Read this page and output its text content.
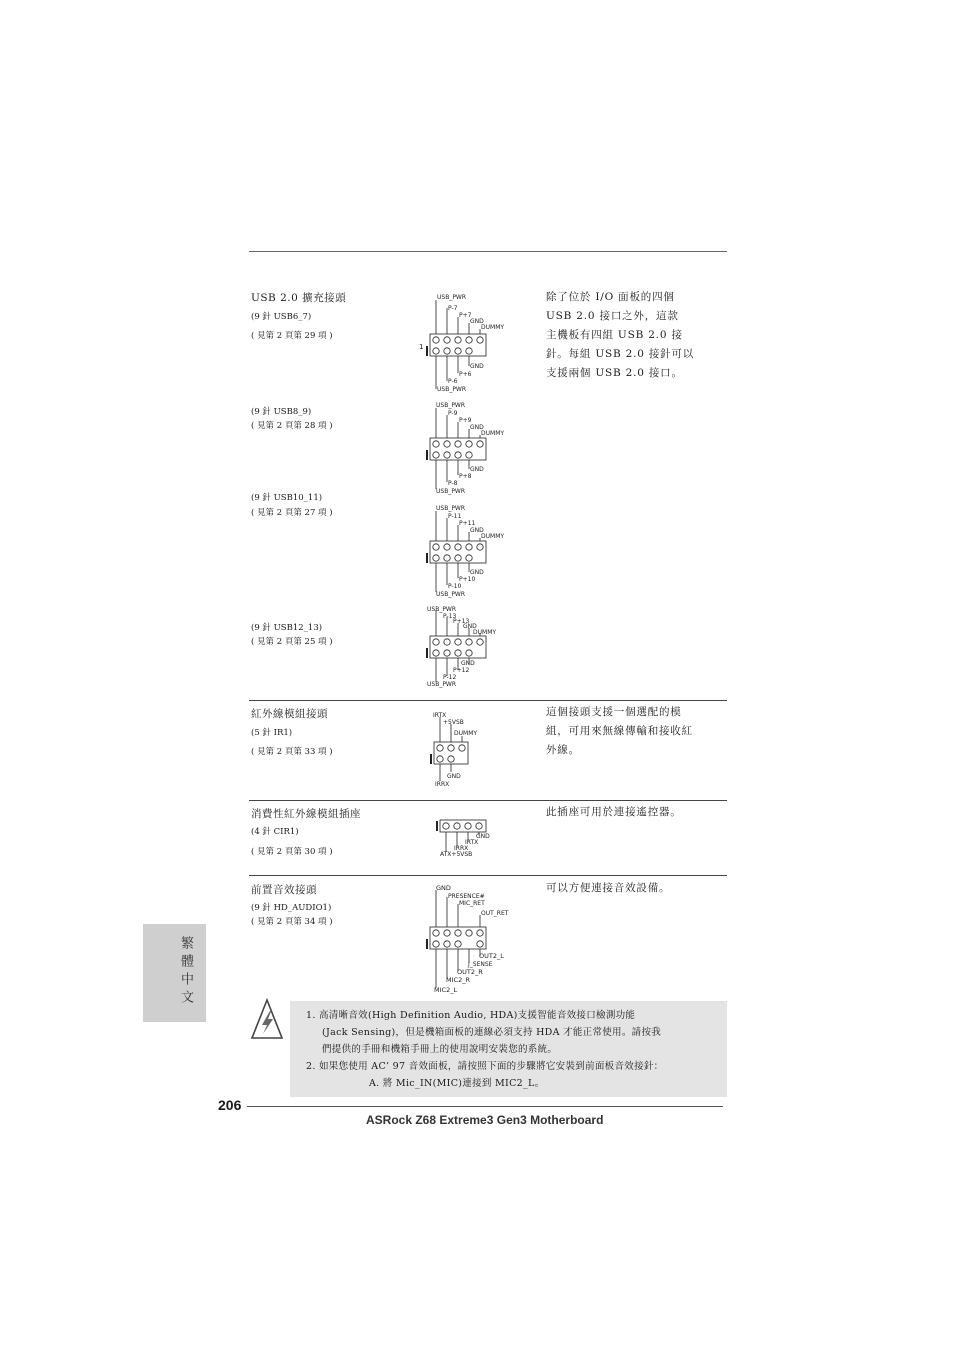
USB 2.0 擴充接頭
(9 針 USB6_7)
( 見第 2 頁第 29 項 )
(9 針 USB8_9)
( 見第 2 頁第 28 項 )
(9 針 USB10_11)
( 見第 2 頁第 27 項 )
(9 針 USB12_13)
( 見第 2 頁第 25 項 )
除了位於 I/O 面板的四個
USB 2.0 接口之外，這款
主機板有四組 USB 2.0 接
針。每組 USB 2.0 接針可以
支援兩個 USB 2.0 接口。
USB_PWR
P-7
P+7
GND
DUMMY
GND
P+6
P-6
USB_PWR
USB_PWR
P-9
P+9
GND
DUMMY
GND
P+8
P-8
USB_PWR
USB_PWR
P-11
P+11
GND
DUMMY
GND
P+10
P-10
USB_PWR
USB_PWR
P-13
P+13
GND
DUMMY
GND
P+12
P-12
USB_PWR
紅外線模組接頭
(5 針 IR1)
( 見第 2 頁第 33 項 )
這個接頭支援一個選配的模
組，可用來無線傳輸和接收紅
外線。
IRTX
+5VSB
DUMMY
GND
IRRX
消費性紅外線模組插座
(4 針 CIR1)
( 見第 2 頁第 30 項 )
此插座可用於連接遙控器。
GND
IRTX
IRRX
ATX+5VSB
前置音效接頭
(9 針 HD_AUDIO1)
( 見第 2 頁第 34 項 )
可以方便連接音效設備。
GND
PRESENCE#
MIC_RET
OUT_RET
OUT2_L
J_SENSE
OUT2_R
MIC2_R
MIC2_L
繁體中文
1. 高清晰音效(High Definition Audio, HDA)支援智能音效接口檢測功能
(Jack Sensing)，但是機箱面板的連線必須支持 HDA 才能正常使用。請按我
們提供的手冊和機箱手冊上的使用說明安裝您的系統。
2. 如果您使用 AC’ 97 音效面板，請按照下面的步驟將它安裝到前面板音效接針：
A. 將 Mic_IN(MIC)連接到 MIC2_L。
206
ASRock Z68 Extreme3 Gen3 Motherboard
1
